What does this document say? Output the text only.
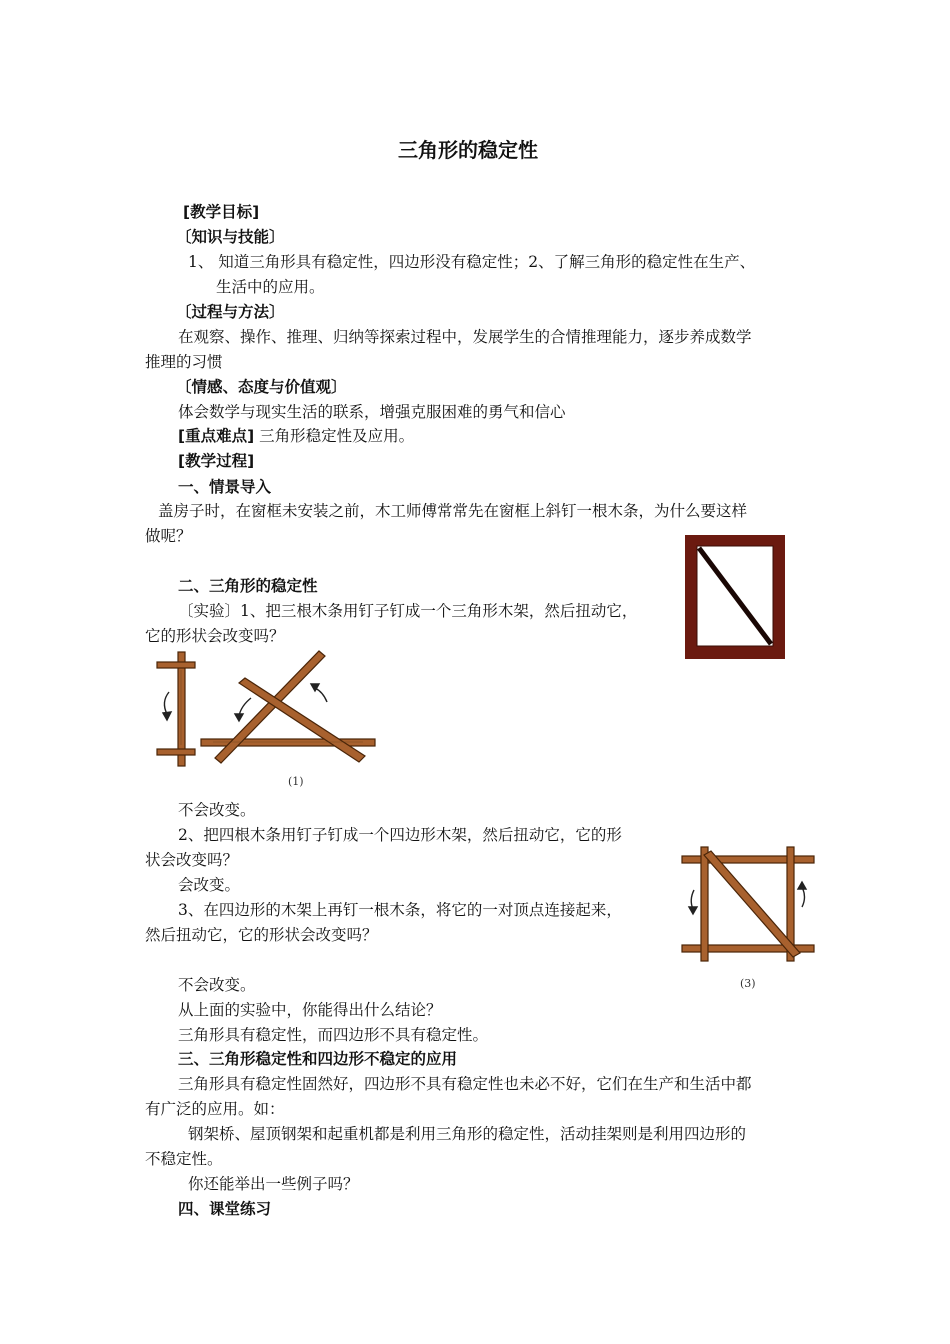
三角形的稳定性
[教学目标]
〔知识与技能〕
1、 知道三角形具有稳定性，四边形没有稳定性；2、了解三角形的稳定性在生产、
生活中的应用。
〔过程与方法〕
在观察、操作、推理、归纳等探索过程中，发展学生的合情推理能力，逐步养成数学
推理的习惯
〔情感、态度与价值观〕
体会数学与现实生活的联系，增强克服困难的勇气和信心
[重点难点] 三角形稳定性及应用。
[教学过程]
一、情景导入
盖房子时，在窗框未安装之前，木工师傅常常先在窗框上斜钉一根木条，为什么要这样
做呢？
二、三角形的稳定性
〔实验〕1、把三根木条用钉子钉成一个三角形木架，然后扭动它，
它的形状会改变吗？
(1)
不会改变。
2、把四根木条用钉子钉成一个四边形木架，然后扭动它，它的形
状会改变吗？
会改变。
3、在四边形的木架上再钉一根木条，将它的一对顶点连接起来，
然后扭动它，它的形状会改变吗？
(3)
不会改变。
从上面的实验中，你能得出什么结论？
三角形具有稳定性，而四边形不具有稳定性。
三、三角形稳定性和四边形不稳定的应用
三角形具有稳定性固然好，四边形不具有稳定性也未必不好，它们在生产和生活中都
有广泛的应用。如：
钢架桥、屋顶钢架和起重机都是利用三角形的稳定性，活动挂架则是利用四边形的
不稳定性。
你还能举出一些例子吗？
四、课堂练习
